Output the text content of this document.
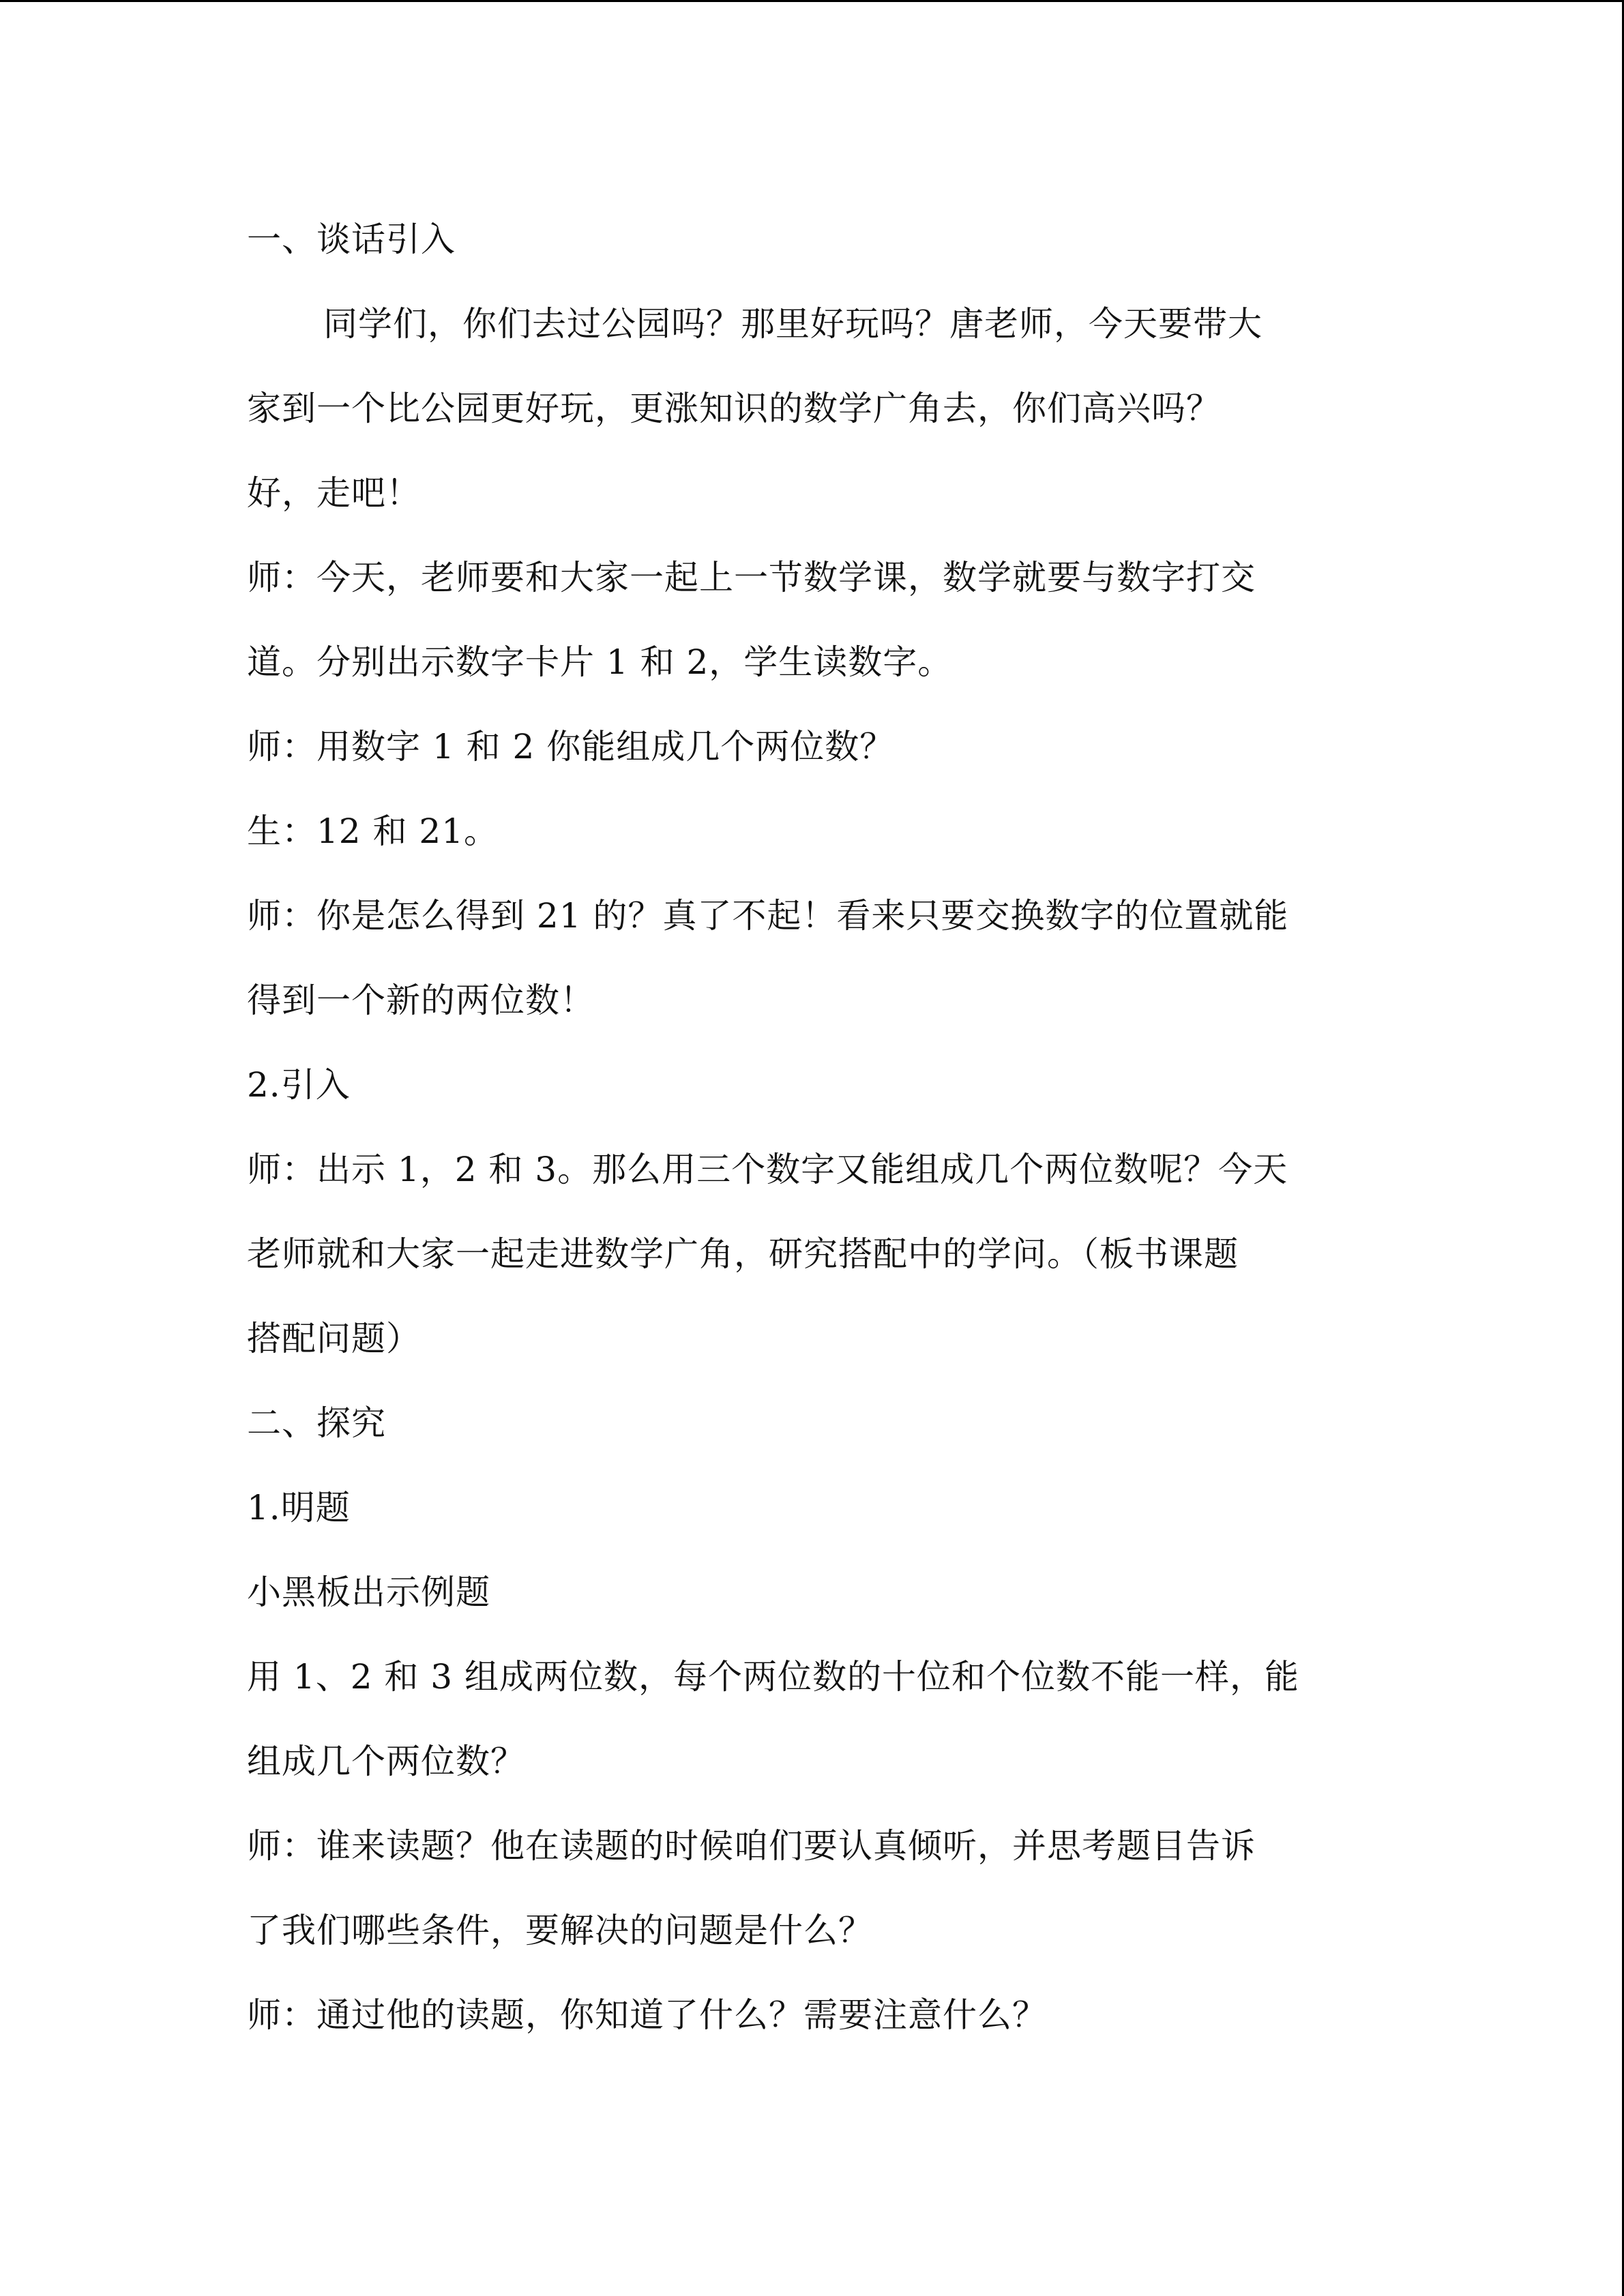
一、谈话引入
同学们，你们去过公园吗？那里好玩吗？唐老师，今天要带大
家到一个比公园更好玩，更涨知识的数学广角去，你们高兴吗？
好，走吧！
师：今天，老师要和大家一起上一节数学课，数学就要与数字打交
道。分别出示数字卡片 1 和 2，学生读数字。
师：用数字 1 和 2 你能组成几个两位数？
生：12 和 21。
师：你是怎么得到 21 的？真了不起！看来只要交换数字的位置就能
得到一个新的两位数！
2.引入
师：出示 1，2 和 3。那么用三个数字又能组成几个两位数呢？今天
老师就和大家一起走进数学广角，研究搭配中的学问。（板书课题
搭配问题）
二、探究
1.明题
小黑板出示例题
用 1、2 和 3 组成两位数，每个两位数的十位和个位数不能一样，能
组成几个两位数？
师：谁来读题？他在读题的时候咱们要认真倾听，并思考题目告诉
了我们哪些条件，要解决的问题是什么？
师：通过他的读题，你知道了什么？需要注意什么？
